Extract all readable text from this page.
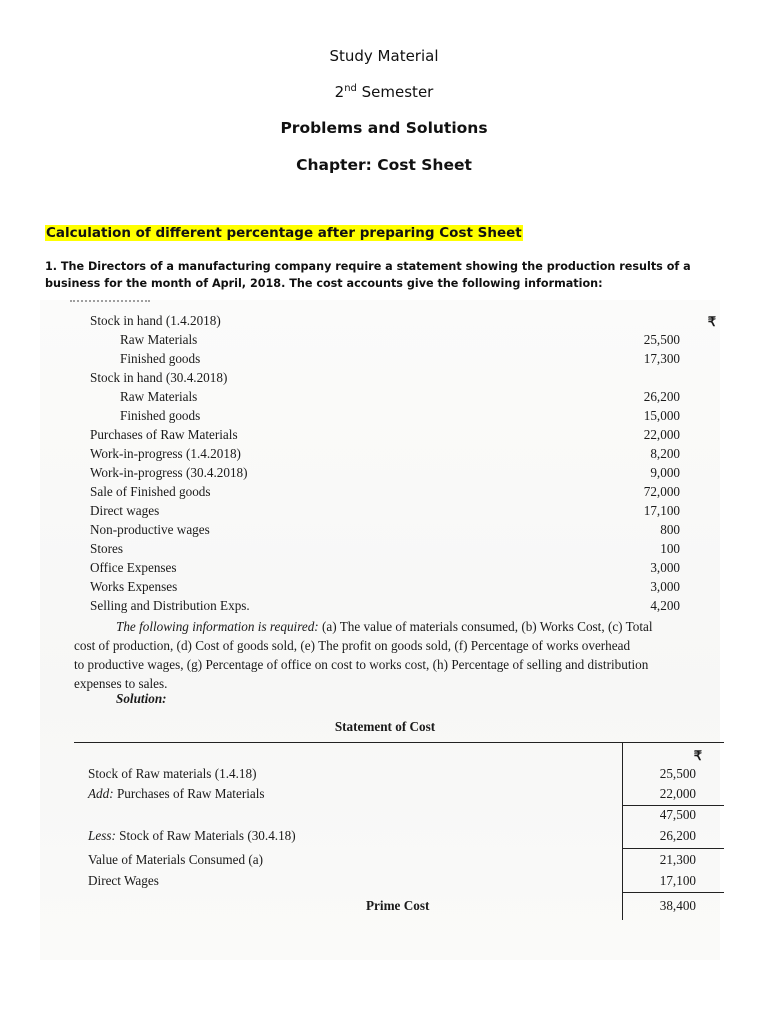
Study Material
2nd Semester
Problems and Solutions
Chapter: Cost Sheet
Calculation of different percentage after preparing Cost Sheet
1. The Directors of a manufacturing company require a statement showing the production results of a
business for the month of April, 2018. The cost accounts give the following information:
₹
Stock in hand (1.4.2018)
Raw Materials	25,500
Finished goods	17,300
Stock in hand (30.4.2018)
Raw Materials	26,200
Finished goods	15,000
Purchases of Raw Materials	22,000
Work-in-progress (1.4.2018)	8,200
Work-in-progress (30.4.2018)	9,000
Sale of Finished goods	72,000
Direct wages	17,100
Non-productive wages	800
Stores	100
Office Expenses	3,000
Works Expenses	3,000
Selling and Distribution Exps.	4,200

The following information is required: (a) The value of materials consumed, (b) Works Cost, (c) Total

cost of production, (d) Cost of goods sold, (e) The profit on goods sold, (f) Percentage of works overhead

to productive wages, (g) Percentage of office on cost to works cost, (h) Percentage of selling and distribution

expenses to sales.

Solution:
Statement of Cost
₹
Stock of Raw materials (1.4.18)	25,500
Add: Purchases of Raw Materials	22,000
47,500
Less: Stock of Raw Materials (30.4.18)	26,200
Value of Materials Consumed (a)	21,300
Direct Wages	17,100
Prime Cost	38,400
